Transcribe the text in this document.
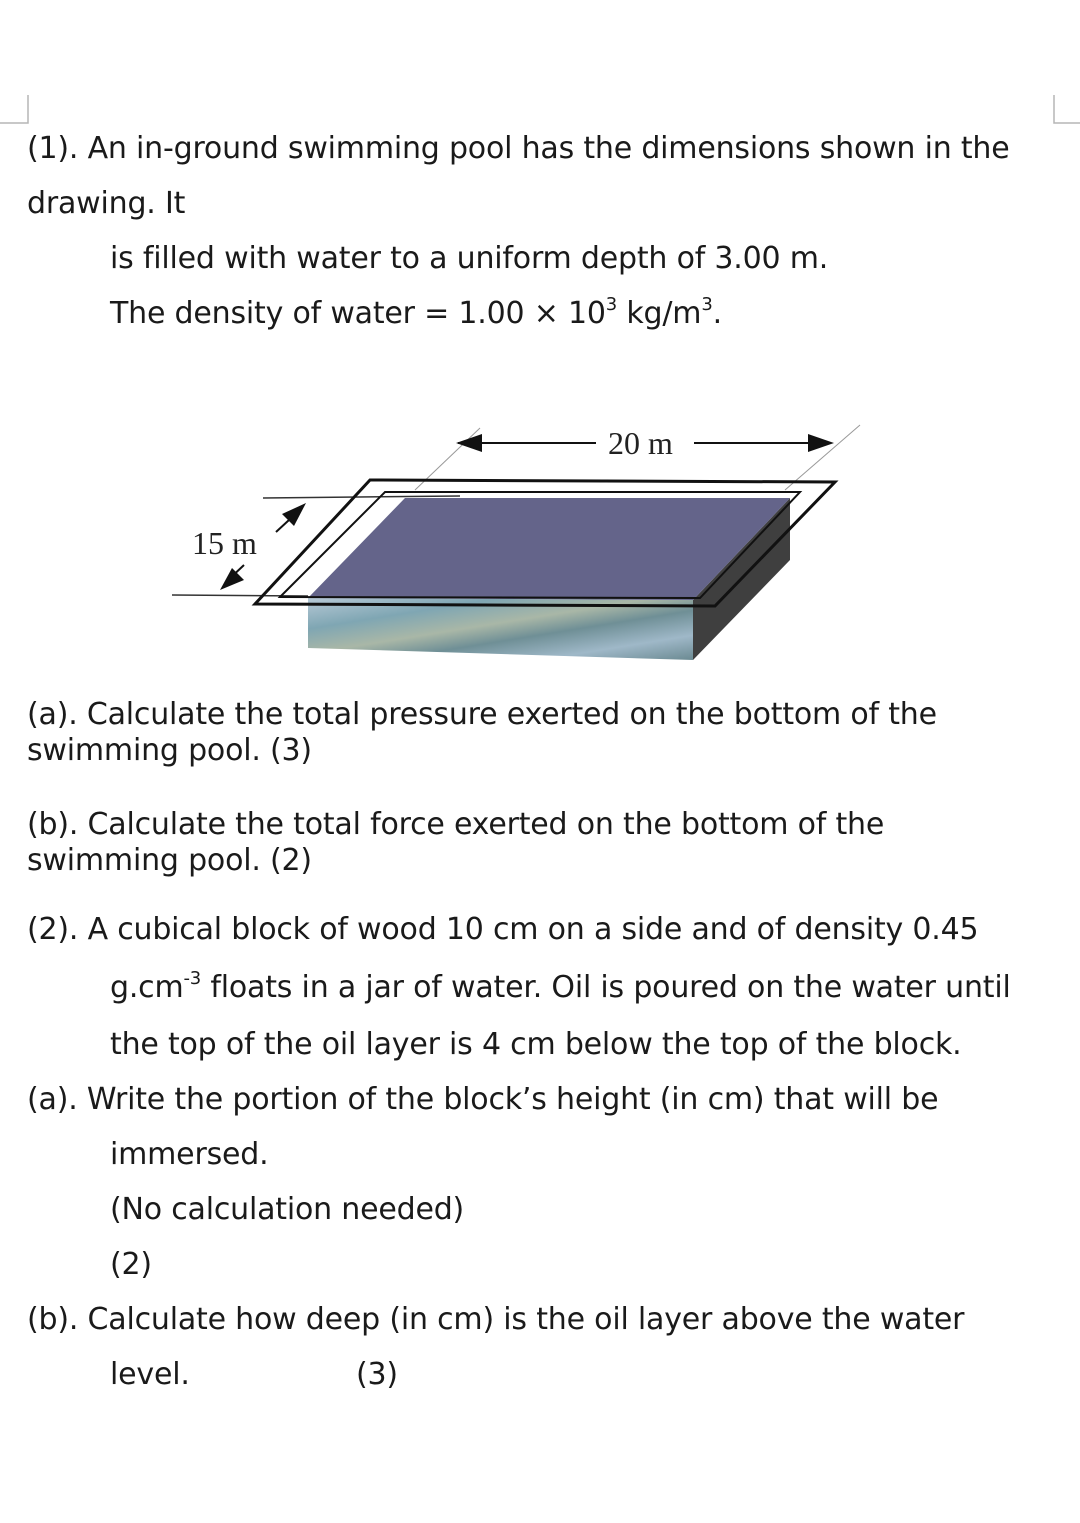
(1). An in-ground swimming pool has the dimensions shown in the
drawing. It
is filled with water to a uniform depth of 3.00 m.
The density of water = $1.00 \times 10^3$ $kg/m^3$.
20 m
15 m
(a). Calculate the total pressure exerted on the bottom of the
swimming pool. (3)
(b). Calculate the total force exerted on the bottom of the
swimming pool. (2)
(2). A cubical block of wood 10 cm on a side and of density 0.45
$g.cm^{-3}$ floats in a jar of water. Oil is poured on the water until
the top of the oil layer is 4 cm below the top of the block.
(a). Write the portion of the block’s height (in cm) that will be
immersed.
(No calculation needed)
(2)
(b). Calculate how deep (in cm) is the oil layer above the water
level.	(3)
